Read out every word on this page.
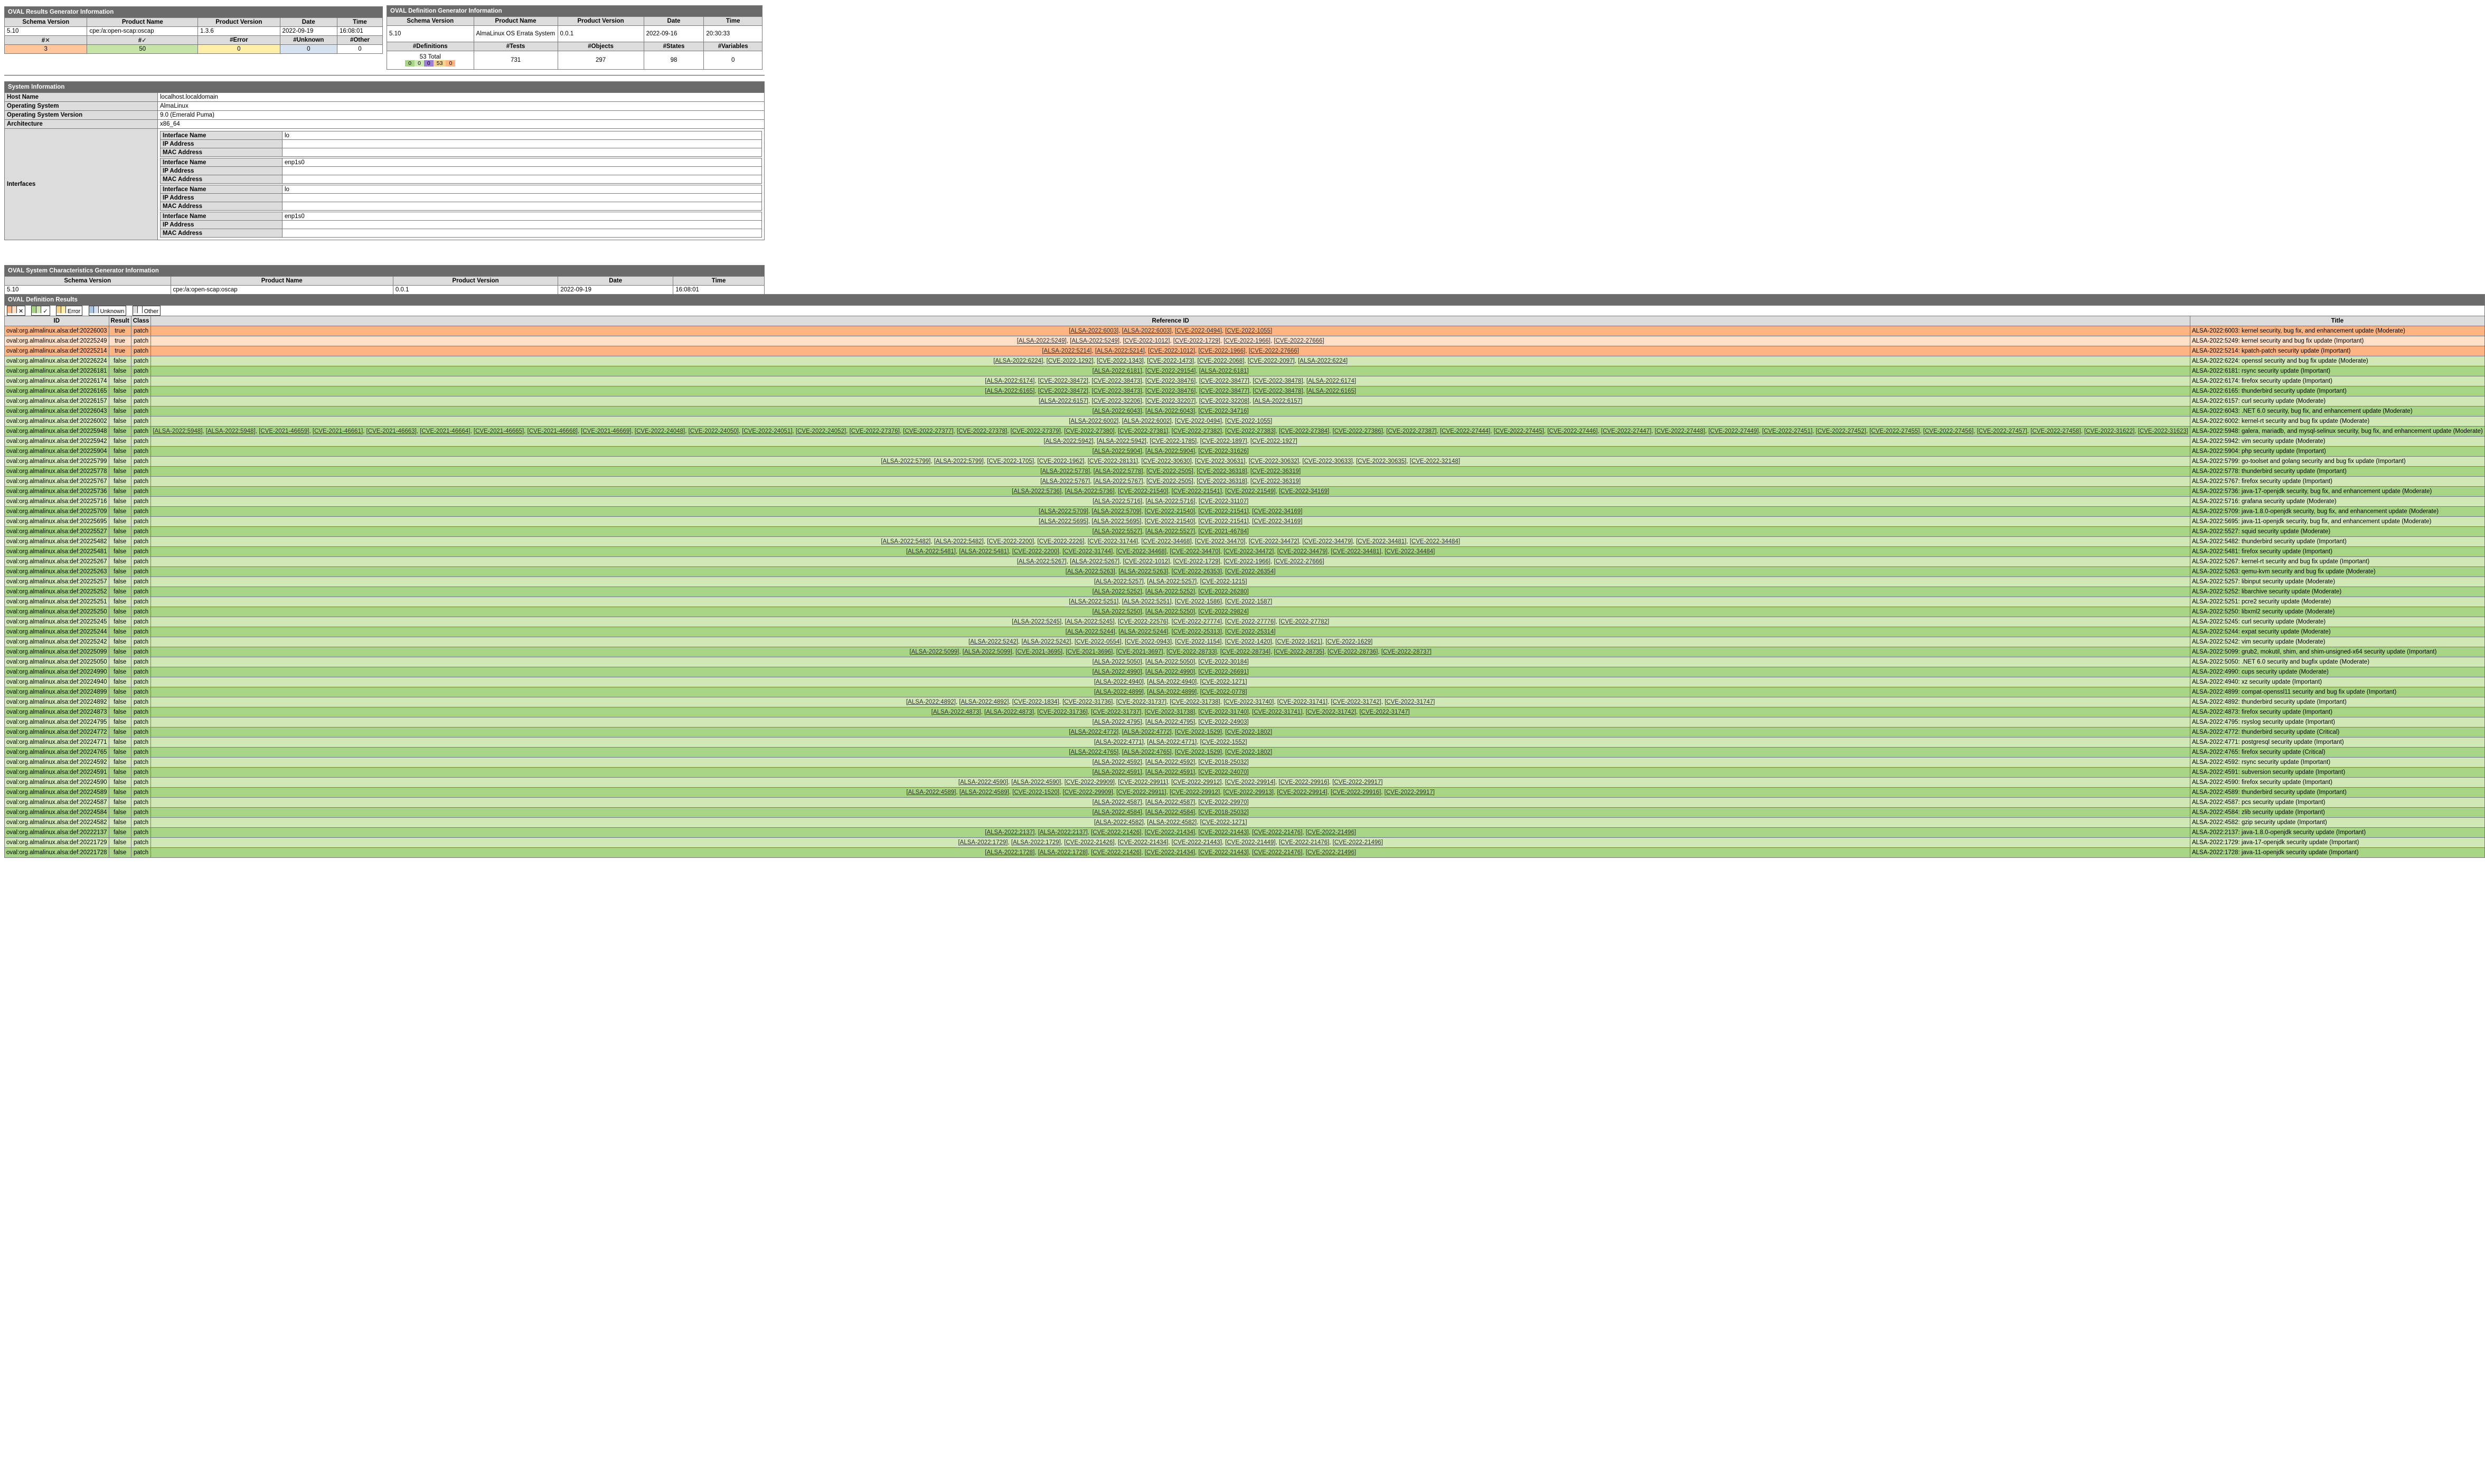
OVAL Results Generator Information				
Schema Version	Product Name	Product Version	Date	Time
5.10	cpe:/a:open-scap:oscap	1.3.6	2022-09-19	16:08:01
#✕	#✓	#Error	#Unknown	#Other
3	50	0	0	0
OVAL Definition Generator Information				
Schema Version	Product Name	Product Version	Date	Time
5.10	AlmaLinux OS Errata System	0.0.1	2022-09-16	20:30:33
#Definitions	#Tests	#Objects	#States	#Variables

53 Total
0 0 0 53 0	731	297	98	0
System Information
Host Name	localhost.localdomain
Operating System	AlmaLinux
Operating System Version	9.0 (Emerald Puma)
Architecture	x86_64
Interfaces	
Interface Name	lo
IP Address	
MAC Address	
Interface Name	enp1s0
IP Address	
MAC Address	
Interface Name	lo
IP Address	
MAC Address	
Interface Name	enp1s0
IP Address	
MAC Address	
OVAL System Characteristics Generator Information				
Schema Version	Product Name	Product Version	Date	Time
5.10	cpe:/a:open-scap:oscap	0.0.1	2022-09-19	16:08:01
OVAL Definition Results				
✕ ✓ Error Unknown Other				
ID	Result	Class	Reference ID	Title
oval:org.almalinux.alsa:def:20226003	true	patch	[ALSA-2022:6003], [ALSA-2022:6003], [CVE-2022-0494], [CVE-2022-1055]	ALSA-2022:6003: kernel security, bug fix, and enhancement update (Moderate)
oval:org.almalinux.alsa:def:20225249	true	patch	[ALSA-2022:5249], [ALSA-2022:5249], [CVE-2022-1012], [CVE-2022-1729], [CVE-2022-1966], [CVE-2022-27666]	ALSA-2022:5249: kernel security and bug fix update (Important)
oval:org.almalinux.alsa:def:20225214	true	patch	[ALSA-2022:5214], [ALSA-2022:5214], [CVE-2022-1012], [CVE-2022-1966], [CVE-2022-27666]	ALSA-2022:5214: kpatch-patch security update (Important)
oval:org.almalinux.alsa:def:20226224	false	patch	[ALSA-2022:6224], [CVE-2022-1292], [CVE-2022-1343], [CVE-2022-1473], [CVE-2022-2068], [CVE-2022-2097], [ALSA-2022:6224]	ALSA-2022:6224: openssl security and bug fix update (Moderate)
oval:org.almalinux.alsa:def:20226181	false	patch	[ALSA-2022:6181], [CVE-2022-29154], [ALSA-2022:6181]	ALSA-2022:6181: rsync security update (Important)
oval:org.almalinux.alsa:def:20226174	false	patch	[ALSA-2022:6174], [CVE-2022-38472], [CVE-2022-38473], [CVE-2022-38476], [CVE-2022-38477], [CVE-2022-38478], [ALSA-2022:6174]	ALSA-2022:6174: firefox security update (Important)
oval:org.almalinux.alsa:def:20226165	false	patch	[ALSA-2022:6165], [CVE-2022-38472], [CVE-2022-38473], [CVE-2022-38476], [CVE-2022-38477], [CVE-2022-38478], [ALSA-2022:6165]	ALSA-2022:6165: thunderbird security update (Important)
oval:org.almalinux.alsa:def:20226157	false	patch	[ALSA-2022:6157], [CVE-2022-32206], [CVE-2022-32207], [CVE-2022-32208], [ALSA-2022:6157]	ALSA-2022:6157: curl security update (Moderate)
oval:org.almalinux.alsa:def:20226043	false	patch	[ALSA-2022:6043], [ALSA-2022:6043], [CVE-2022-34716]	ALSA-2022:6043: .NET 6.0 security, bug fix, and enhancement update (Moderate)
oval:org.almalinux.alsa:def:20226002	false	patch	[ALSA-2022:6002], [ALSA-2022:6002], [CVE-2022-0494], [CVE-2022-1055]	ALSA-2022:6002: kernel-rt security and bug fix update (Moderate)
oval:org.almalinux.alsa:def:20225948	false	patch	[ALSA-2022:5948], [ALSA-2022:5948], [CVE-2021-46659], [CVE-2021-46661], [CVE-2021-46663], [CVE-2021-46664], [CVE-2021-46665], [CVE-2021-46668], [CVE-2021-46669], [CVE-2022-24048], [CVE-2022-24050], [CVE-2022-24051], [CVE-2022-24052], [CVE-2022-27376], [CVE-2022-27377], [CVE-2022-27378], [CVE-2022-27379], [CVE-2022-27380], [CVE-2022-27381], [CVE-2022-27382], [CVE-2022-27383], [CVE-2022-27384], [CVE-2022-27386], [CVE-2022-27387], [CVE-2022-27444], [CVE-2022-27445], [CVE-2022-27446], [CVE-2022-27447], [CVE-2022-27448], [CVE-2022-27449], [CVE-2022-27451], [CVE-2022-27452], [CVE-2022-27455], [CVE-2022-27456], [CVE-2022-27457], [CVE-2022-27458], [CVE-2022-31622], [CVE-2022-31623]	ALSA-2022:5948: galera, mariadb, and mysql-selinux security, bug fix, and enhancement update (Moderate)
oval:org.almalinux.alsa:def:20225942	false	patch	[ALSA-2022:5942], [ALSA-2022:5942], [CVE-2022-1785], [CVE-2022-1897], [CVE-2022-1927]	ALSA-2022:5942: vim security update (Moderate)
oval:org.almalinux.alsa:def:20225904	false	patch	[ALSA-2022:5904], [ALSA-2022:5904], [CVE-2022-31626]	ALSA-2022:5904: php security update (Important)
oval:org.almalinux.alsa:def:20225799	false	patch	[ALSA-2022:5799], [ALSA-2022:5799], [CVE-2022-1705], [CVE-2022-1962], [CVE-2022-28131], [CVE-2022-30630], [CVE-2022-30631], [CVE-2022-30632], [CVE-2022-30633], [CVE-2022-30635], [CVE-2022-32148]	ALSA-2022:5799: go-toolset and golang security and bug fix update (Important)
oval:org.almalinux.alsa:def:20225778	false	patch	[ALSA-2022:5778], [ALSA-2022:5778], [CVE-2022-2505], [CVE-2022-36318], [CVE-2022-36319]	ALSA-2022:5778: thunderbird security update (Important)
oval:org.almalinux.alsa:def:20225767	false	patch	[ALSA-2022:5767], [ALSA-2022:5767], [CVE-2022-2505], [CVE-2022-36318], [CVE-2022-36319]	ALSA-2022:5767: firefox security update (Important)
oval:org.almalinux.alsa:def:20225736	false	patch	[ALSA-2022:5736], [ALSA-2022:5736], [CVE-2022-21540], [CVE-2022-21541], [CVE-2022-21549], [CVE-2022-34169]	ALSA-2022:5736: java-17-openjdk security, bug fix, and enhancement update (Moderate)
oval:org.almalinux.alsa:def:20225716	false	patch	[ALSA-2022:5716], [ALSA-2022:5716], [CVE-2022-31107]	ALSA-2022:5716: grafana security update (Moderate)
oval:org.almalinux.alsa:def:20225709	false	patch	[ALSA-2022:5709], [ALSA-2022:5709], [CVE-2022-21540], [CVE-2022-21541], [CVE-2022-34169]	ALSA-2022:5709: java-1.8.0-openjdk security, bug fix, and enhancement update (Moderate)
oval:org.almalinux.alsa:def:20225695	false	patch	[ALSA-2022:5695], [ALSA-2022:5695], [CVE-2022-21540], [CVE-2022-21541], [CVE-2022-34169]	ALSA-2022:5695: java-11-openjdk security, bug fix, and enhancement update (Moderate)
oval:org.almalinux.alsa:def:20225527	false	patch	[ALSA-2022:5527], [ALSA-2022:5527], [CVE-2021-46784]	ALSA-2022:5527: squid security update (Moderate)
oval:org.almalinux.alsa:def:20225482	false	patch	[ALSA-2022:5482], [ALSA-2022:5482], [CVE-2022-2200], [CVE-2022-2226], [CVE-2022-31744], [CVE-2022-34468], [CVE-2022-34470], [CVE-2022-34472], [CVE-2022-34479], [CVE-2022-34481], [CVE-2022-34484]	ALSA-2022:5482: thunderbird security update (Important)
oval:org.almalinux.alsa:def:20225481	false	patch	[ALSA-2022:5481], [ALSA-2022:5481], [CVE-2022-2200], [CVE-2022-31744], [CVE-2022-34468], [CVE-2022-34470], [CVE-2022-34472], [CVE-2022-34479], [CVE-2022-34481], [CVE-2022-34484]	ALSA-2022:5481: firefox security update (Important)
oval:org.almalinux.alsa:def:20225267	false	patch	[ALSA-2022:5267], [ALSA-2022:5267], [CVE-2022-1012], [CVE-2022-1729], [CVE-2022-1966], [CVE-2022-27666]	ALSA-2022:5267: kernel-rt security and bug fix update (Important)
oval:org.almalinux.alsa:def:20225263	false	patch	[ALSA-2022:5263], [ALSA-2022:5263], [CVE-2022-26353], [CVE-2022-26354]	ALSA-2022:5263: qemu-kvm security and bug fix update (Moderate)
oval:org.almalinux.alsa:def:20225257	false	patch	[ALSA-2022:5257], [ALSA-2022:5257], [CVE-2022-1215]	ALSA-2022:5257: libinput security update (Moderate)
oval:org.almalinux.alsa:def:20225252	false	patch	[ALSA-2022:5252], [ALSA-2022:5252], [CVE-2022-26280]	ALSA-2022:5252: libarchive security update (Moderate)
oval:org.almalinux.alsa:def:20225251	false	patch	[ALSA-2022:5251], [ALSA-2022:5251], [CVE-2022-1586], [CVE-2022-1587]	ALSA-2022:5251: pcre2 security update (Moderate)
oval:org.almalinux.alsa:def:20225250	false	patch	[ALSA-2022:5250], [ALSA-2022:5250], [CVE-2022-29824]	ALSA-2022:5250: libxml2 security update (Moderate)
oval:org.almalinux.alsa:def:20225245	false	patch	[ALSA-2022:5245], [ALSA-2022:5245], [CVE-2022-22576], [CVE-2022-27774], [CVE-2022-27776], [CVE-2022-27782]	ALSA-2022:5245: curl security update (Moderate)
oval:org.almalinux.alsa:def:20225244	false	patch	[ALSA-2022:5244], [ALSA-2022:5244], [CVE-2022-25313], [CVE-2022-25314]	ALSA-2022:5244: expat security update (Moderate)
oval:org.almalinux.alsa:def:20225242	false	patch	[ALSA-2022:5242], [ALSA-2022:5242], [CVE-2022-0554], [CVE-2022-0943], [CVE-2022-1154], [CVE-2022-1420], [CVE-2022-1621], [CVE-2022-1629]	ALSA-2022:5242: vim security update (Moderate)
oval:org.almalinux.alsa:def:20225099	false	patch	[ALSA-2022:5099], [ALSA-2022:5099], [CVE-2021-3695], [CVE-2021-3696], [CVE-2021-3697], [CVE-2022-28733], [CVE-2022-28734], [CVE-2022-28735], [CVE-2022-28736], [CVE-2022-28737]	ALSA-2022:5099: grub2, mokutil, shim, and shim-unsigned-x64 security update (Important)
oval:org.almalinux.alsa:def:20225050	false	patch	[ALSA-2022:5050], [ALSA-2022:5050], [CVE-2022-30184]	ALSA-2022:5050: .NET 6.0 security and bugfix update (Moderate)
oval:org.almalinux.alsa:def:20224990	false	patch	[ALSA-2022:4990], [ALSA-2022:4990], [CVE-2022-26691]	ALSA-2022:4990: cups security update (Moderate)
oval:org.almalinux.alsa:def:20224940	false	patch	[ALSA-2022:4940], [ALSA-2022:4940], [CVE-2022-1271]	ALSA-2022:4940: xz security update (Important)
oval:org.almalinux.alsa:def:20224899	false	patch	[ALSA-2022:4899], [ALSA-2022:4899], [CVE-2022-0778]	ALSA-2022:4899: compat-openssl11 security and bug fix update (Important)
oval:org.almalinux.alsa:def:20224892	false	patch	[ALSA-2022:4892], [ALSA-2022:4892], [CVE-2022-1834], [CVE-2022-31736], [CVE-2022-31737], [CVE-2022-31738], [CVE-2022-31740], [CVE-2022-31741], [CVE-2022-31742], [CVE-2022-31747]	ALSA-2022:4892: thunderbird security update (Important)
oval:org.almalinux.alsa:def:20224873	false	patch	[ALSA-2022:4873], [ALSA-2022:4873], [CVE-2022-31736], [CVE-2022-31737], [CVE-2022-31738], [CVE-2022-31740], [CVE-2022-31741], [CVE-2022-31742], [CVE-2022-31747]	ALSA-2022:4873: firefox security update (Important)
oval:org.almalinux.alsa:def:20224795	false	patch	[ALSA-2022:4795], [ALSA-2022:4795], [CVE-2022-24903]	ALSA-2022:4795: rsyslog security update (Important)
oval:org.almalinux.alsa:def:20224772	false	patch	[ALSA-2022:4772], [ALSA-2022:4772], [CVE-2022-1529], [CVE-2022-1802]	ALSA-2022:4772: thunderbird security update (Critical)
oval:org.almalinux.alsa:def:20224771	false	patch	[ALSA-2022:4771], [ALSA-2022:4771], [CVE-2022-1552]	ALSA-2022:4771: postgresql security update (Important)
oval:org.almalinux.alsa:def:20224765	false	patch	[ALSA-2022:4765], [ALSA-2022:4765], [CVE-2022-1529], [CVE-2022-1802]	ALSA-2022:4765: firefox security update (Critical)
oval:org.almalinux.alsa:def:20224592	false	patch	[ALSA-2022:4592], [ALSA-2022:4592], [CVE-2018-25032]	ALSA-2022:4592: rsync security update (Important)
oval:org.almalinux.alsa:def:20224591	false	patch	[ALSA-2022:4591], [ALSA-2022:4591], [CVE-2022-24070]	ALSA-2022:4591: subversion security update (Important)
oval:org.almalinux.alsa:def:20224590	false	patch	[ALSA-2022:4590], [ALSA-2022:4590], [CVE-2022-29909], [CVE-2022-29911], [CVE-2022-29912], [CVE-2022-29914], [CVE-2022-29916], [CVE-2022-29917]	ALSA-2022:4590: firefox security update (Important)
oval:org.almalinux.alsa:def:20224589	false	patch	[ALSA-2022:4589], [ALSA-2022:4589], [CVE-2022-1520], [CVE-2022-29909], [CVE-2022-29911], [CVE-2022-29912], [CVE-2022-29913], [CVE-2022-29914], [CVE-2022-29916], [CVE-2022-29917]	ALSA-2022:4589: thunderbird security update (Important)
oval:org.almalinux.alsa:def:20224587	false	patch	[ALSA-2022:4587], [ALSA-2022:4587], [CVE-2022-29970]	ALSA-2022:4587: pcs security update (Important)
oval:org.almalinux.alsa:def:20224584	false	patch	[ALSA-2022:4584], [ALSA-2022:4584], [CVE-2018-25032]	ALSA-2022:4584: zlib security update (Important)
oval:org.almalinux.alsa:def:20224582	false	patch	[ALSA-2022:4582], [ALSA-2022:4582], [CVE-2022-1271]	ALSA-2022:4582: gzip security update (Important)
oval:org.almalinux.alsa:def:20222137	false	patch	[ALSA-2022:2137], [ALSA-2022:2137], [CVE-2022-21426], [CVE-2022-21434], [CVE-2022-21443], [CVE-2022-21476], [CVE-2022-21496]	ALSA-2022:2137: java-1.8.0-openjdk security update (Important)
oval:org.almalinux.alsa:def:20221729	false	patch	[ALSA-2022:1729], [ALSA-2022:1729], [CVE-2022-21426], [CVE-2022-21434], [CVE-2022-21443], [CVE-2022-21449], [CVE-2022-21476], [CVE-2022-21496]	ALSA-2022:1729: java-17-openjdk security update (Important)
oval:org.almalinux.alsa:def:20221728	false	patch	[ALSA-2022:1728], [ALSA-2022:1728], [CVE-2022-21426], [CVE-2022-21434], [CVE-2022-21443], [CVE-2022-21476], [CVE-2022-21496]	ALSA-2022:1728: java-11-openjdk security update (Important)
